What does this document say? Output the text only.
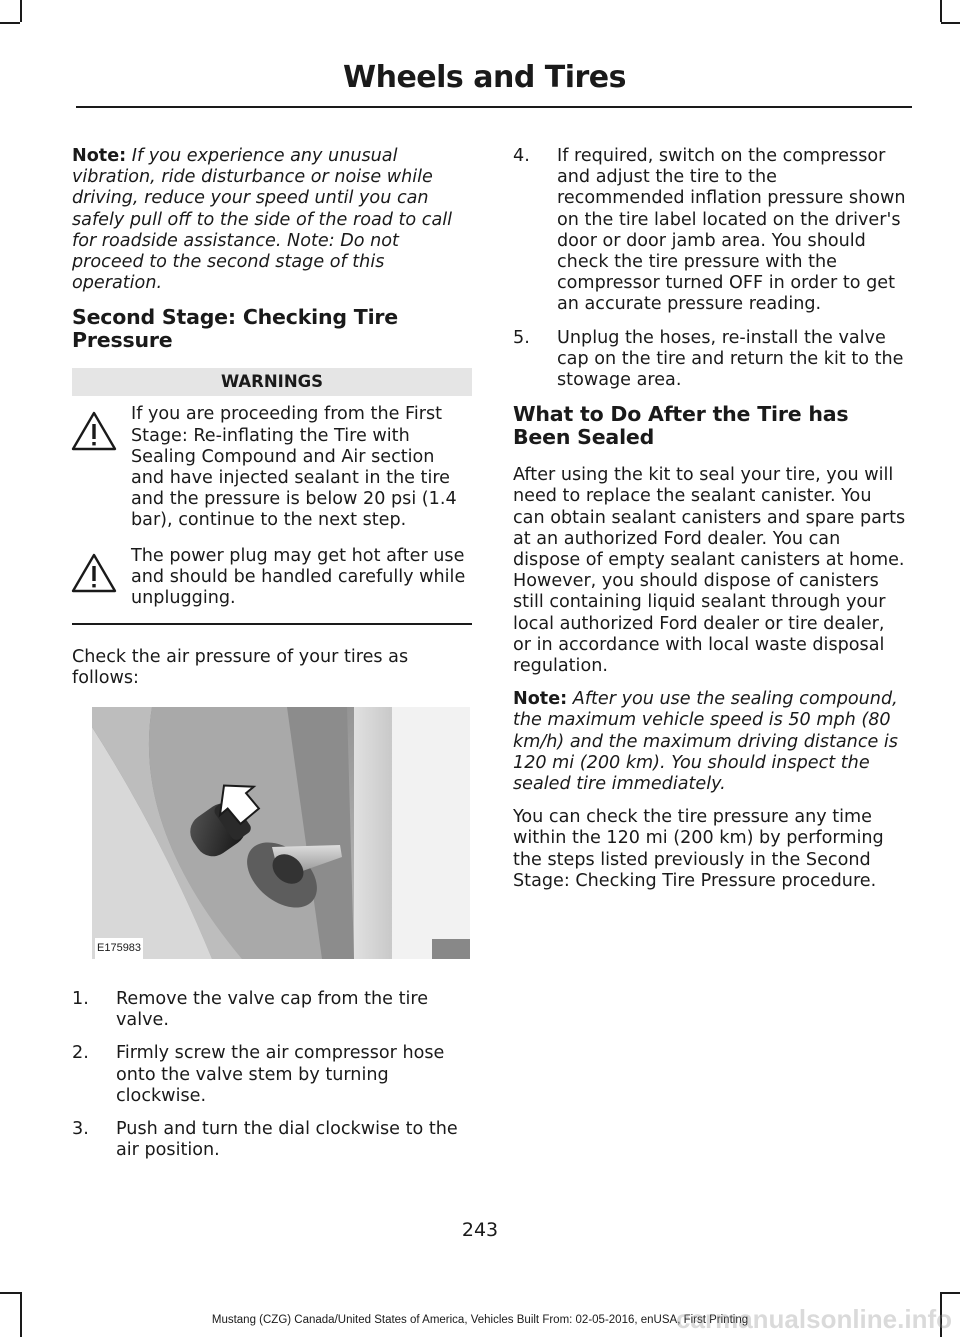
Wheels and Tires

Note: If you experience any unusual vibration, ride disturbance or noise while driving, reduce your speed until you can safely pull off to the side of the road to call for roadside assistance. Note: Do not proceed to the second stage of this operation.

Second Stage: Checking Tire Pressure
WARNINGS
If you are proceeding from the First Stage: Re-inflating the Tire with Sealing Compound and Air section and have injected sealant in the tire and the pressure is below 20 psi (1.4 bar), continue to the next step.
The power plug may get hot after use and should be handled carefully while unplugging.

Check the air pressure of your tires as follows:

E175983
1. Remove the valve cap from the tire valve.
2. Firmly screw the air compressor hose onto the valve stem by turning clockwise.
3. Push and turn the dial clockwise to the air position.
4. If required, switch on the compressor and adjust the tire to the recommended inflation pressure shown on the tire label located on the driver's door or door jamb area. You should check the tire pressure with the compressor turned OFF in order to get an accurate pressure reading.
5. Unplug the hoses, re-install the valve cap on the tire and return the kit to the stowage area.
What to Do After the Tire has Been Sealed

After using the kit to seal your tire, you will need to replace the sealant canister. You can obtain sealant canisters and spare parts at an authorized Ford dealer. You can dispose of empty sealant canisters at home. However, you should dispose of canisters still containing liquid sealant through your local authorized Ford dealer or tire dealer, or in accordance with local waste disposal regulation.

Note: After you use the sealing compound, the maximum vehicle speed is 50 mph (80 km/h) and the maximum driving distance is 120 mi (200 km). You should inspect the sealed tire immediately.

You can check the tire pressure any time within the 120 mi (200 km) by performing the steps listed previously in the Second Stage: Checking Tire Pressure procedure.

243
Mustang (CZG) Canada/United States of America, Vehicles Built From: 02-05-2016, enUSA, First Printing
carmanualsonline.info
